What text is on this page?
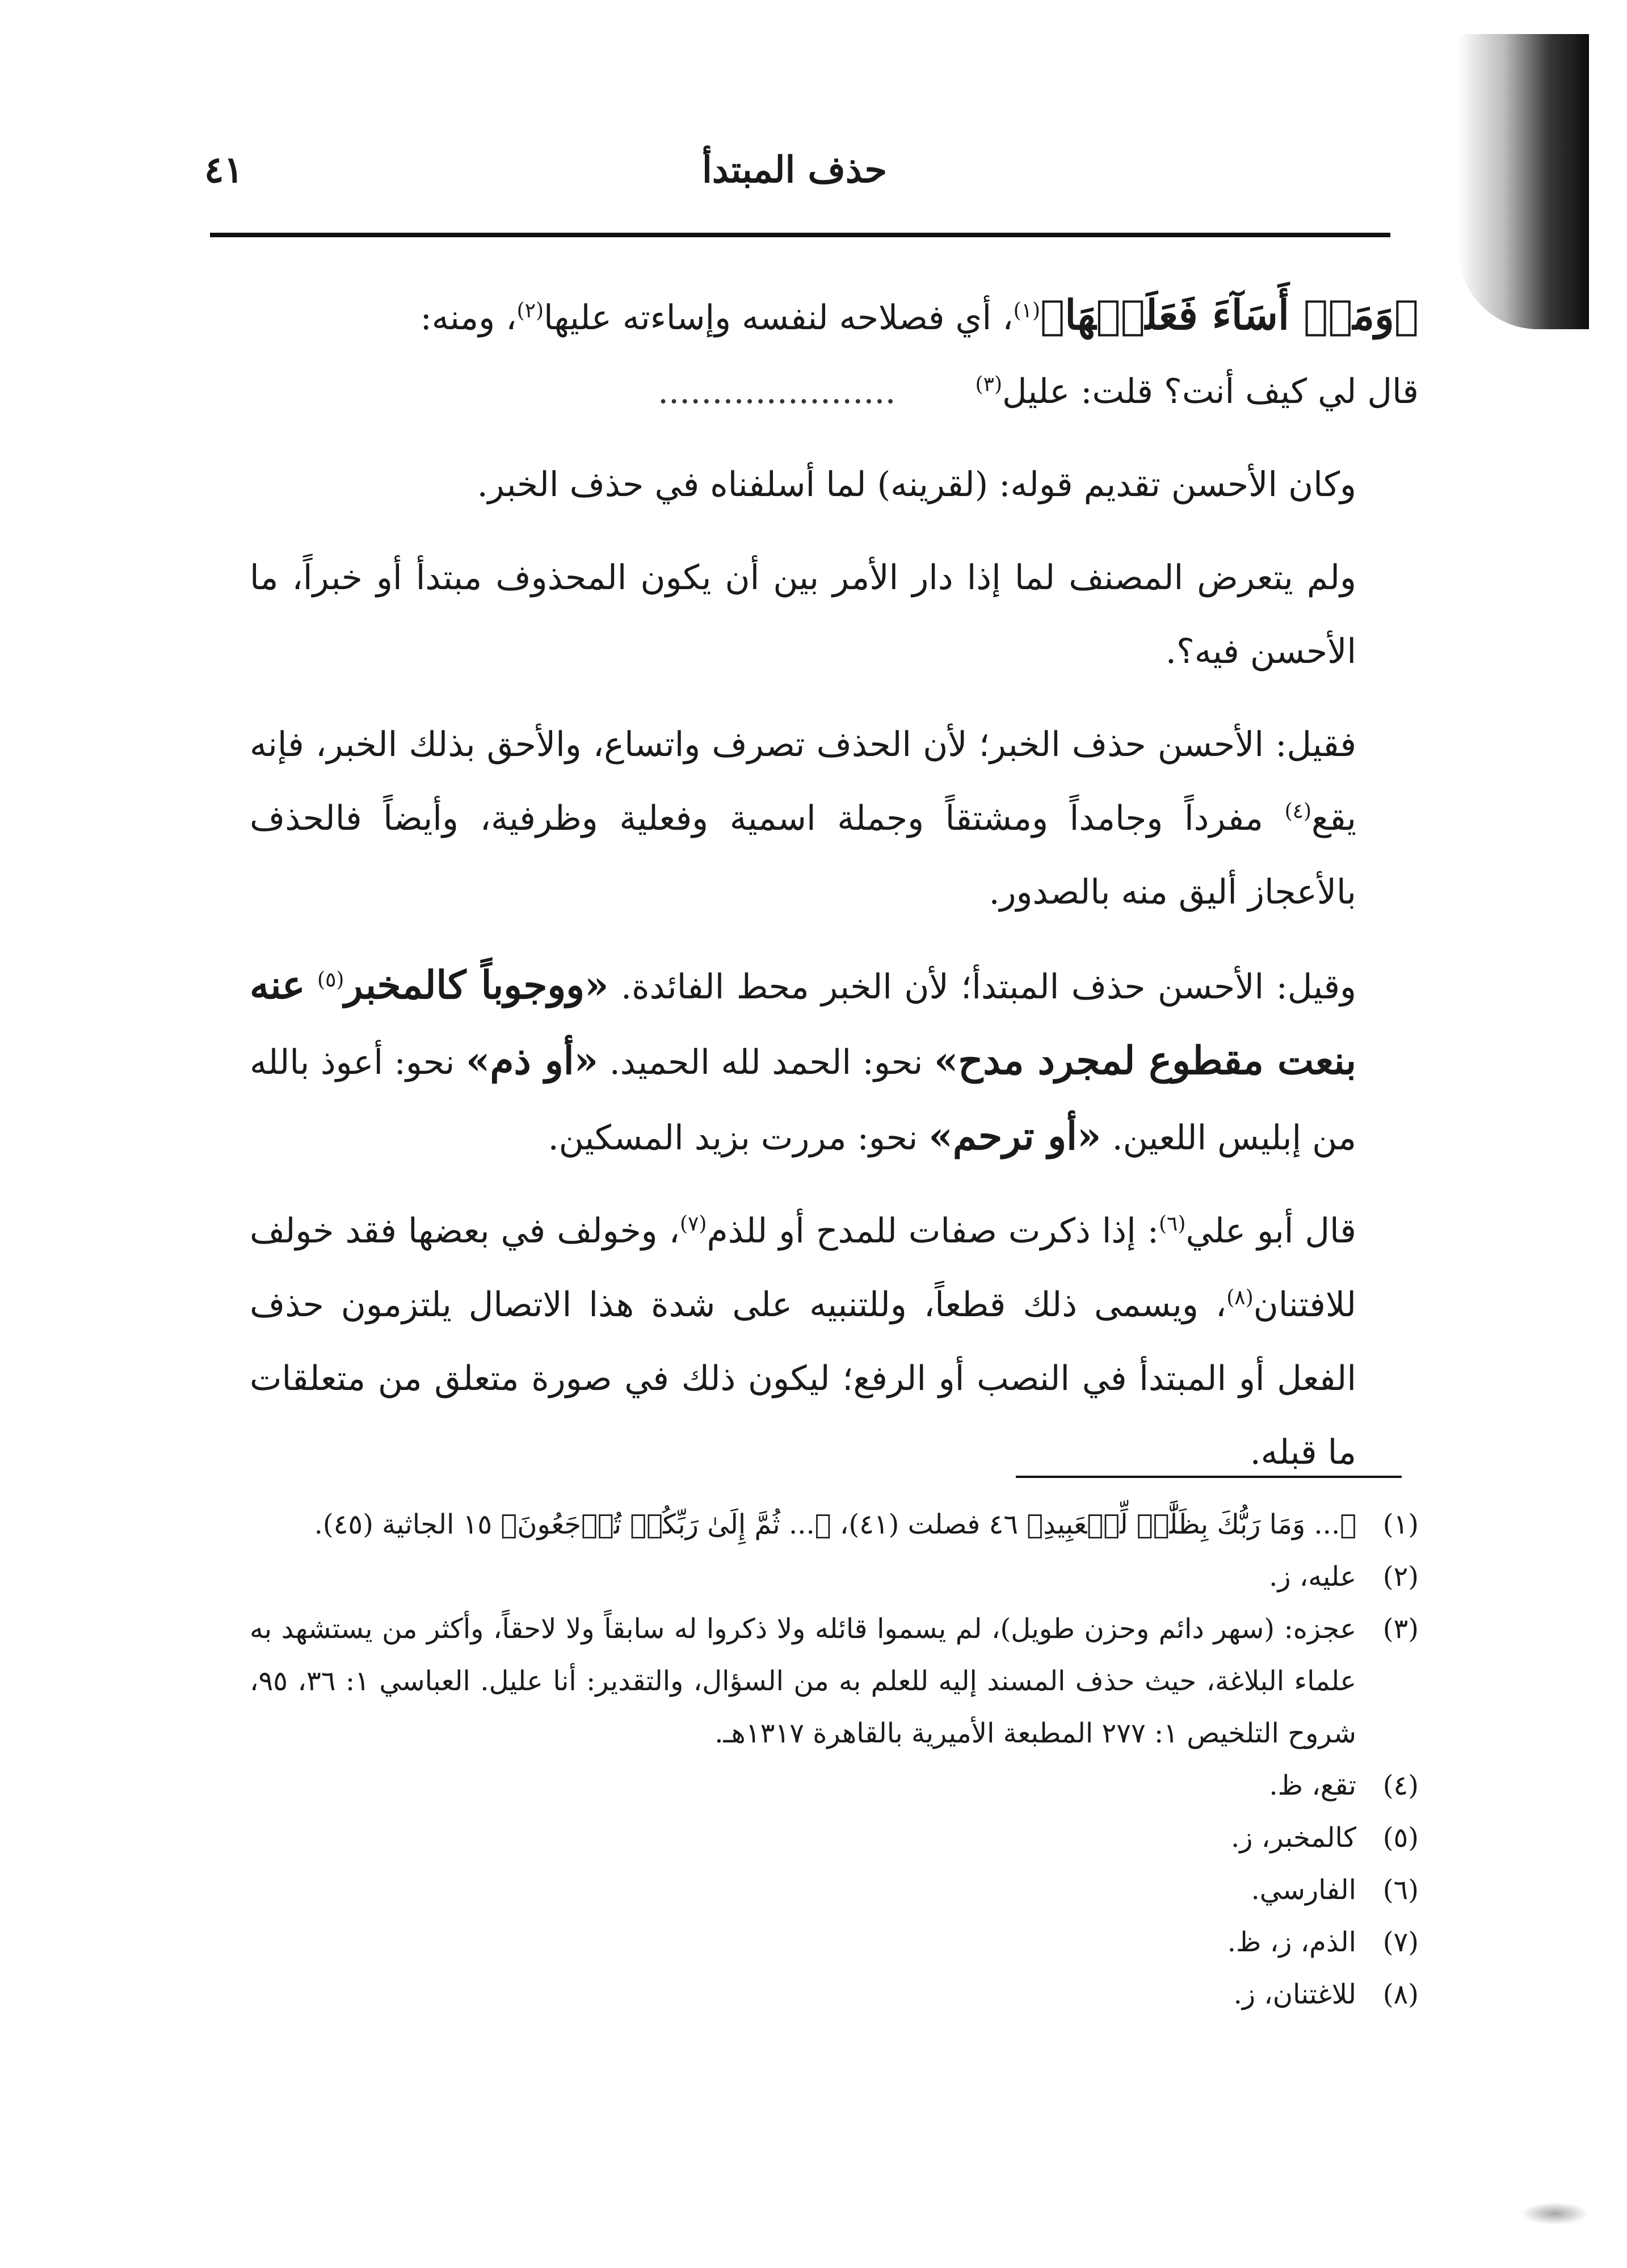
٤١	حذف المبتدأ

﴿وَمَنۡ أَسَآءَ فَعَلَيۡهَا﴾$^{(١)}$، أي فصلاحه لنفسه وإساءته عليها$^{(٢)}$، ومنه:
قال لي كيف أنت؟ قلت: عليل$^{(٣)}$......................

وكان الأحسن تقديم قوله: (لقرينه) لما أسلفناه في حذف الخبر.

ولم يتعرض المصنف لما إذا دار الأمر بين أن يكون المحذوف مبتدأ أو خبراً، ما الأحسن فيه؟.

فقيل: الأحسن حذف الخبر؛ لأن الحذف تصرف واتساع، والأحق بذلك الخبر، فإنه يقع$^{(٤)}$ مفرداً وجامداً ومشتقاً وجملة اسمية وفعلية وظرفية، وأيضاً فالحذف بالأعجاز أليق منه بالصدور.

وقيل: الأحسن حذف المبتدأ؛ لأن الخبر محط الفائدة. «ووجوباً كالمخبر$^{(٥)}$ عنه بنعت مقطوع لمجرد مدح» نحو: الحمد لله الحميد. «أو ذم» نحو: أعوذ بالله من إبليس اللعين. «أو ترحم» نحو: مررت بزيد المسكين.

قال أبو علي$^{(٦)}$: إذا ذكرت صفات للمدح أو للذم$^{(٧)}$، وخولف في بعضها فقد خولف للافتنان$^{(٨)}$، ويسمى ذلك قطعاً، وللتنبيه على شدة هذا الاتصال يلتزمون حذف الفعل أو المبتدأ في النصب أو الرفع؛ ليكون ذلك في صورة متعلق من متعلقات ما قبله.

(١)
﴿... وَمَا رَبُّكَ بِظَلَّٰمٖ لِّلۡعَبِيدِ﴾ ٤٦ فصلت (٤١)، ﴿... ثُمَّ إِلَىٰ رَبِّكُمۡ تُرۡجَعُونَ﴾ ١٥ الجاثية (٤٥).
(٢)
عليه، ز.
(٣)
عجزه: (سهر دائم وحزن طويل)، لم يسموا قائله ولا ذكروا له سابقاً ولا لاحقاً، وأكثر من يستشهد به علماء البلاغة، حيث حذف المسند إليه للعلم به من السؤال، والتقدير: أنا عليل. العباسي ١: ٣٦، ٩٥، شروح التلخيص ١: ٢٧٧ المطبعة الأميرية بالقاهرة ١٣١٧هـ.
(٤)
تقع، ظ.
(٥)
كالمخبر، ز.
(٦)
الفارسي.
(٧)
الذم، ز، ظ.
(٨)
للاغتنان، ز.
